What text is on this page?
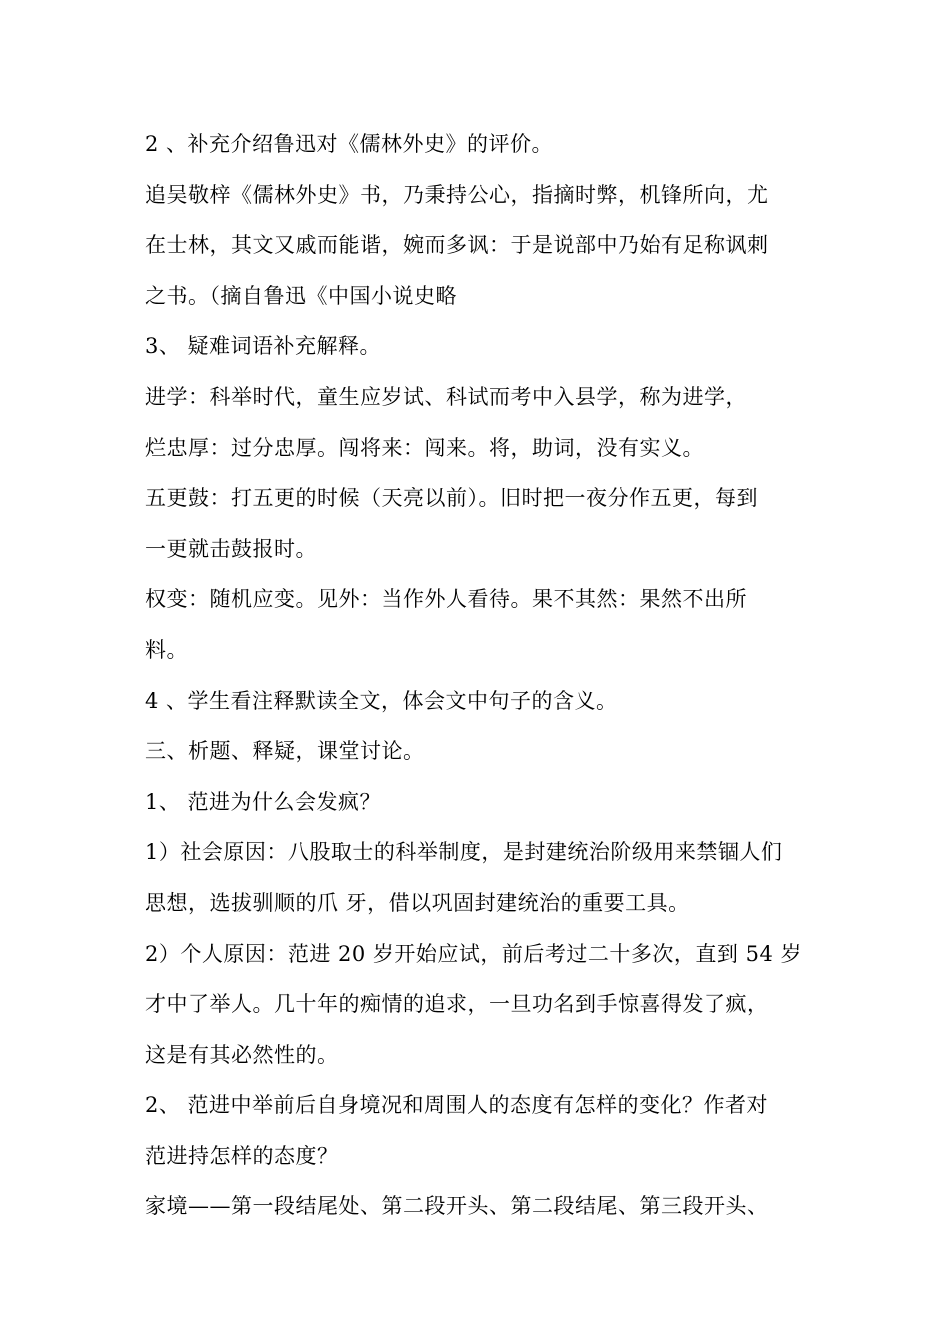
2 、补充介绍鲁迅对《儒林外史》的评价。
追吴敬梓《儒林外史》书，乃秉持公心，指摘时弊，机锋所向，尤
在士林，其文又戚而能谐，婉而多讽：于是说部中乃始有足称讽刺
之书。（摘自鲁迅《中国小说史略
3、 疑难词语补充解释。
进学：科举时代，童生应岁试、科试而考中入县学，称为进学，
烂忠厚：过分忠厚。闯将来：闯来。将，助词，没有实义。
五更鼓：打五更的时候（天亮以前）。旧时把一夜分作五更，每到
一更就击鼓报时。
权变：随机应变。见外：当作外人看待。果不其然：果然不出所
料。
4 、学生看注释默读全文，体会文中句子的含义。
三、析题、释疑，课堂讨论。
1、 范进为什么会发疯？
1）社会原因：八股取士的科举制度，是封建统治阶级用来禁锢人们
思想，选拔驯顺的爪 牙，借以巩固封建统治的重要工具。
2）个人原因：范进 20 岁开始应试，前后考过二十多次，直到 54 岁
才中了举人。几十年的痴情的追求，一旦功名到手惊喜得发了疯，
这是有其必然性的。
2、 范进中举前后自身境况和周围人的态度有怎样的变化？作者对
范进持怎样的态度？
家境——第一段结尾处、第二段开头、第二段结尾、第三段开头、
